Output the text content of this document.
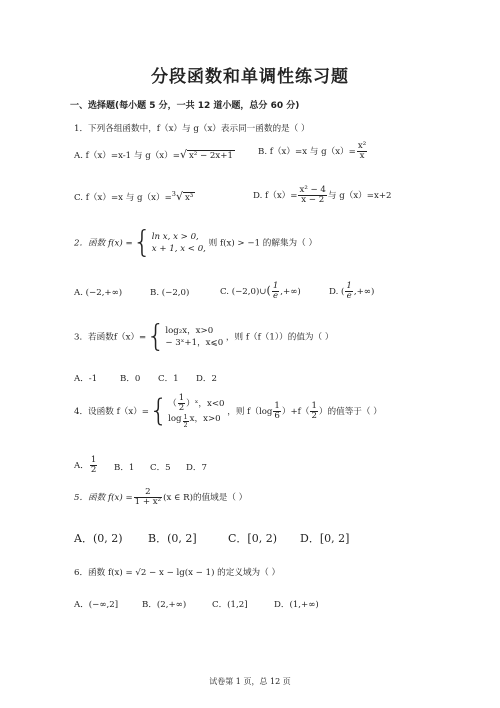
分段函数和单调性练习题
一、选择题(每小题 5 分，一共 12 道小题，总分 60 分)
1．下列各组函数中，f（x）与 g（x）表示同一函数的是（ ）
A. f（x）=x-1 与 g（x）=√ x² − 2x+1	B. f（x）=x 与 $g(x)= \frac{\text{x²}}{x}$
C. f（x）=x 与 g（x）=$^3$√ x³	D. $f(x)= \frac{\text{x² − 4}}{x - 2}$ 与 g（x）=x+2
2．函数 f(x) ={ln x, x > 0,
x + 1, x < 0, 则 f(x) > −1 的解集为（ ）
A. (−2,+∞)	B. (−2,0)	C. (−2,0)∪( $\frac{1}{e}$ ,+∞)	D. ( $\frac{1}{e}$ ,+∞)
3．若函数f（x）={log₂x，x>0
− 3ˣ+1，x⩽0 ，则 f（f（1））的值为（ ）
A．-1	B．0 C．1 D．2
4．设函数 $f(x)=\{( \frac{1}{2}$ ）ˣ，x<0
log $_{\frac{1}{2}}$ x，x>0 ，则 $f(\log \frac{1}{6} )+f( \frac{1}{2}$ ）的值等于（ ）
A． $\frac{1}{2}$ B．1 C．5 D．7
5．函数 $f(x) = \frac{2}{\text{1 + x²}} (x$ ∈ R)的值域是（ ）
A．(0, 2) B．(0, 2]	C．[0, 2) D．[0, 2]
6．函数 f(x) = √2 − x − lg(x − 1) 的定义域为（ ）
A．(−∞,2]	B．(2,+∞)	C．(1,2]	D．(1,+∞)
试卷第 1 页，总 12 页
